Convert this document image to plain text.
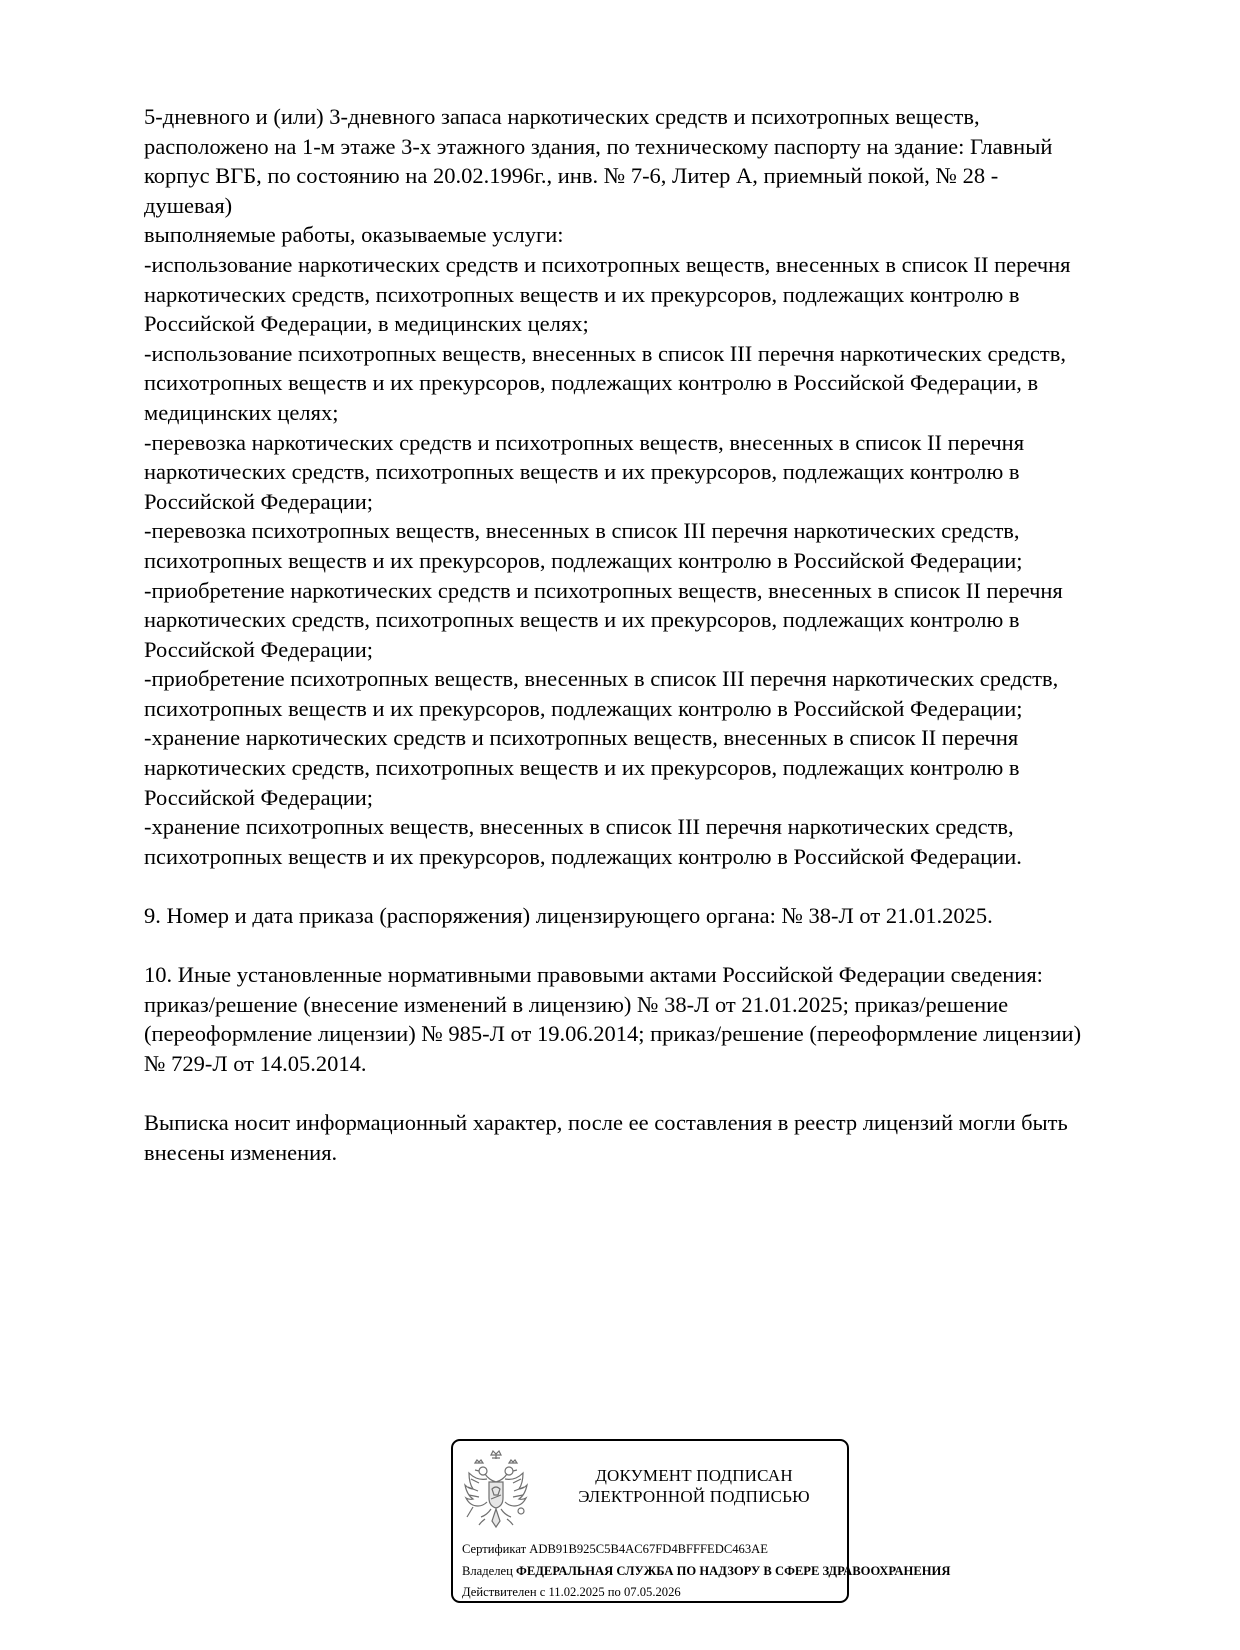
5-дневного и (или) 3-дневного запаса наркотических средств и психотропных веществ,
расположено на 1-м этаже 3-х этажного здания, по техническому паспорту на здание: Главный
корпус ВГБ, по состоянию на 20.02.1996г., инв. № 7-6, Литер А, приемный покой, № 28 -
душевая)
выполняемые работы, оказываемые услуги:
-использование наркотических средств и психотропных веществ, внесенных в список II перечня
наркотических средств, психотропных веществ и их прекурсоров, подлежащих контролю в
Российской Федерации, в медицинских целях;
-использование психотропных веществ, внесенных в список III перечня наркотических средств,
психотропных веществ и их прекурсоров, подлежащих контролю в Российской Федерации, в
медицинских целях;
-перевозка наркотических средств и психотропных веществ, внесенных в список II перечня
наркотических средств, психотропных веществ и их прекурсоров, подлежащих контролю в
Российской Федерации;
-перевозка психотропных веществ, внесенных в список III перечня наркотических средств,
психотропных веществ и их прекурсоров, подлежащих контролю в Российской Федерации;
-приобретение наркотических средств и психотропных веществ, внесенных в список II перечня
наркотических средств, психотропных веществ и их прекурсоров, подлежащих контролю в
Российской Федерации;
-приобретение психотропных веществ, внесенных в список III перечня наркотических средств,
психотропных веществ и их прекурсоров, подлежащих контролю в Российской Федерации;
-хранение наркотических средств и психотропных веществ, внесенных в список II перечня
наркотических средств, психотропных веществ и их прекурсоров, подлежащих контролю в
Российской Федерации;
-хранение психотропных веществ, внесенных в список III перечня наркотических средств,
психотропных веществ и их прекурсоров, подлежащих контролю в Российской Федерации.
9. Номер и дата приказа (распоряжения) лицензирующего органа: № 38-Л от 21.01.2025.
10. Иные установленные нормативными правовыми актами Российской Федерации сведения:
приказ/решение (внесение изменений в лицензию) № 38-Л от 21.01.2025; приказ/решение
(переоформление лицензии) № 985-Л от 19.06.2014; приказ/решение (переоформление лицензии)
№ 729-Л от 14.05.2014.
Выписка носит информационный характер, после ее составления в реестр лицензий могли быть
внесены изменения.
ДОКУМЕНТ ПОДПИСАН
ЭЛЕКТРОННОЙ ПОДПИСЬЮ
Сертификат ADB91B925C5B4AC67FD4BFFFEDC463AE
Владелец ФЕДЕРАЛЬНАЯ СЛУЖБА ПО НАДЗОРУ В СФЕРЕ ЗДРАВООХРАНЕНИЯ
Действителен с 11.02.2025 по 07.05.2026
